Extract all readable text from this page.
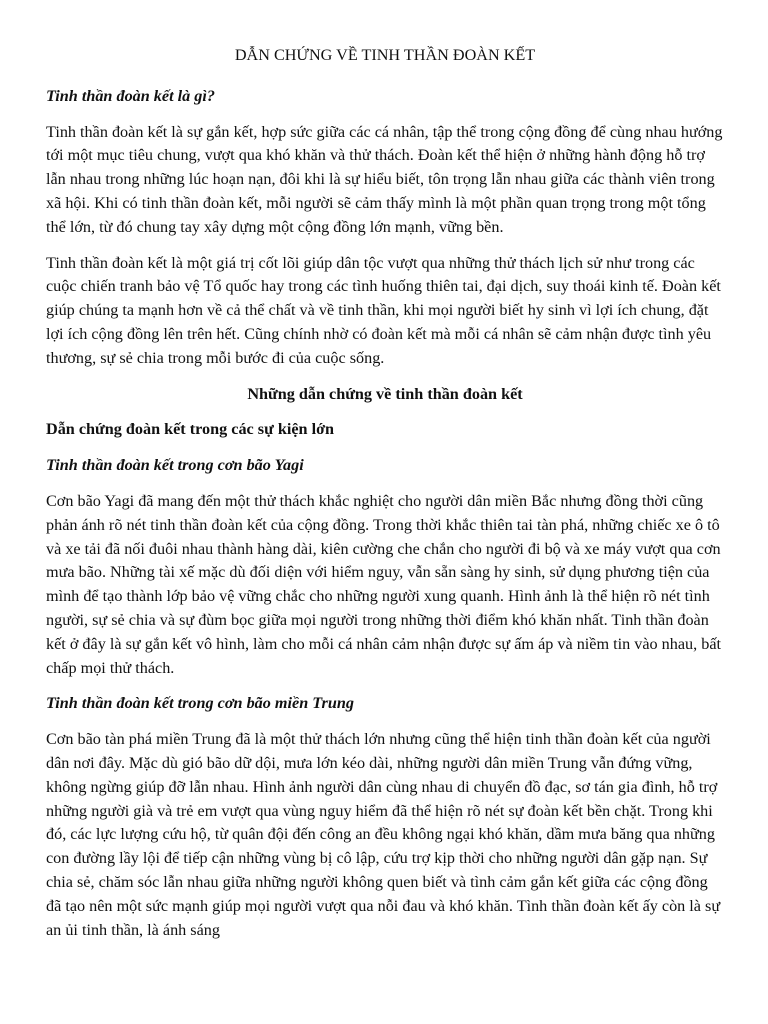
DẪN CHỨNG VỀ TINH THẦN ĐOÀN KẾT
Tinh thần đoàn kết là gì?

Tinh thần đoàn kết là sự gắn kết, hợp sức giữa các cá nhân, tập thể trong cộng đồng để cùng nhau hướng tới một mục tiêu chung, vượt qua khó khăn và thử thách. Đoàn kết thể hiện ở những hành động hỗ trợ lẫn nhau trong những lúc hoạn nạn, đôi khi là sự hiểu biết, tôn trọng lẫn nhau giữa các thành viên trong xã hội. Khi có tinh thần đoàn kết, mỗi người sẽ cảm thấy mình là một phần quan trọng trong một tổng thể lớn, từ đó chung tay xây dựng một cộng đồng lớn mạnh, vững bền.

Tinh thần đoàn kết là một giá trị cốt lõi giúp dân tộc vượt qua những thử thách lịch sử như trong các cuộc chiến tranh bảo vệ Tổ quốc hay trong các tình huống thiên tai, đại dịch, suy thoái kinh tế. Đoàn kết giúp chúng ta mạnh hơn về cả thể chất và về tinh thần, khi mọi người biết hy sinh vì lợi ích chung, đặt lợi ích cộng đồng lên trên hết. Cũng chính nhờ có đoàn kết mà mỗi cá nhân sẽ cảm nhận được tình yêu thương, sự sẻ chia trong mỗi bước đi của cuộc sống.

Những dẫn chứng về tinh thần đoàn kết
Dẫn chứng đoàn kết trong các sự kiện lớn
Tinh thần đoàn kết trong cơn bão Yagi

Cơn bão Yagi đã mang đến một thử thách khắc nghiệt cho người dân miền Bắc nhưng đồng thời cũng phản ánh rõ nét tinh thần đoàn kết của cộng đồng. Trong thời khắc thiên tai tàn phá, những chiếc xe ô tô và xe tải đã nối đuôi nhau thành hàng dài, kiên cường che chắn cho người đi bộ và xe máy vượt qua cơn mưa bão. Những tài xế mặc dù đối diện với hiểm nguy, vẫn sẵn sàng hy sinh, sử dụng phương tiện của mình để tạo thành lớp bảo vệ vững chắc cho những người xung quanh. Hình ảnh là thể hiện rõ nét tình người, sự sẻ chia và sự đùm bọc giữa mọi người trong những thời điểm khó khăn nhất. Tinh thần đoàn kết ở đây là sự gắn kết vô hình, làm cho mỗi cá nhân cảm nhận được sự ấm áp và niềm tin vào nhau, bất chấp mọi thử thách.

Tinh thần đoàn kết trong cơn bão miền Trung

Cơn bão tàn phá miền Trung đã là một thử thách lớn nhưng cũng thể hiện tinh thần đoàn kết của người dân nơi đây. Mặc dù gió bão dữ dội, mưa lớn kéo dài, những người dân miền Trung vẫn đứng vững, không ngừng giúp đỡ lẫn nhau. Hình ảnh người dân cùng nhau di chuyển đồ đạc, sơ tán gia đình, hỗ trợ những người già và trẻ em vượt qua vùng nguy hiểm đã thể hiện rõ nét sự đoàn kết bền chặt. Trong khi đó, các lực lượng cứu hộ, từ quân đội đến công an đều không ngại khó khăn, dầm mưa băng qua những con đường lầy lội để tiếp cận những vùng bị cô lập, cứu trợ kịp thời cho những người dân gặp nạn. Sự chia sẻ, chăm sóc lẫn nhau giữa những người không quen biết và tình cảm gắn kết giữa các cộng đồng đã tạo nên một sức mạnh giúp mọi người vượt qua nỗi đau và khó khăn. Tình thần đoàn kết ấy còn là sự an ủi tinh thần, là ánh sáng
